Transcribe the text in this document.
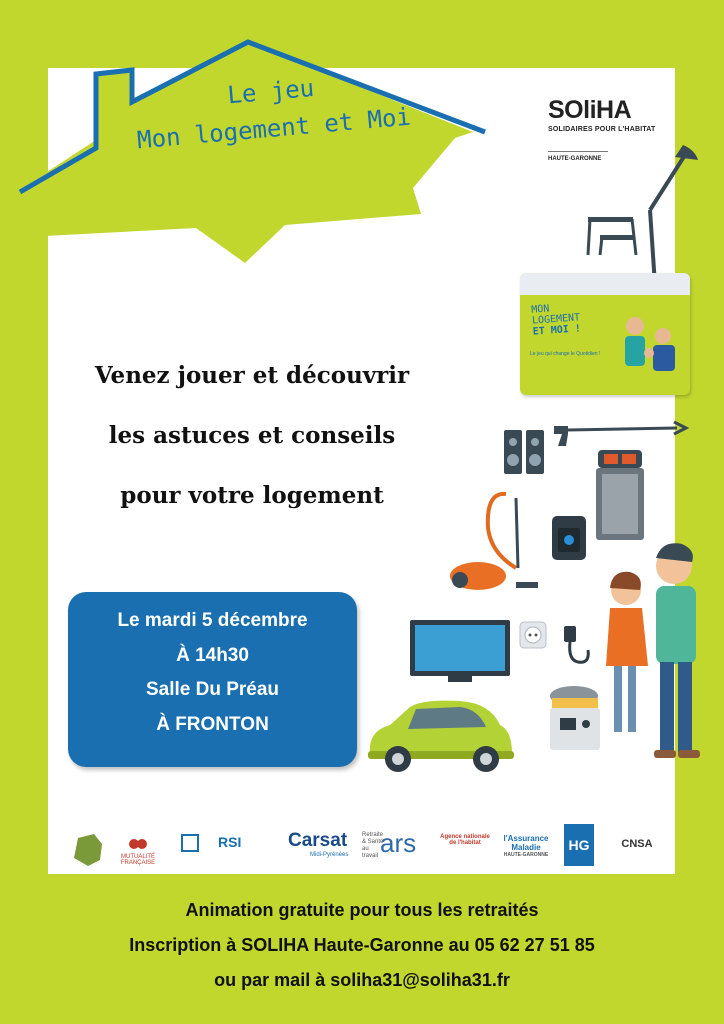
Le jeu
Mon logement et Moi	SOliHA
SOLIDAIRES POUR L'HABITAT
HAUTE-GARONNE
MON
LOGEMENT
ET MOI !
Le jeu qui change le Quotidien !
Venez jouer et découvrir
les astuces et conseils
pour votre logement
Le mardi 5 décembre
À 14h30
Salle Du Préau
À FRONTON
MUTUALITÉ FRANÇAISE
RSI	Carsat
Midi-Pyrénées
Retraite & Santé au travail ars	Agence nationale de l'habitat	l'Assurance Maladie
HAUTE-GARONNE
HG	CNSA
Animation gratuite pour tous les retraités
Inscription à SOLIHA Haute-Garonne au 05 62 27 51 85
ou par mail à soliha31@soliha31.fr
